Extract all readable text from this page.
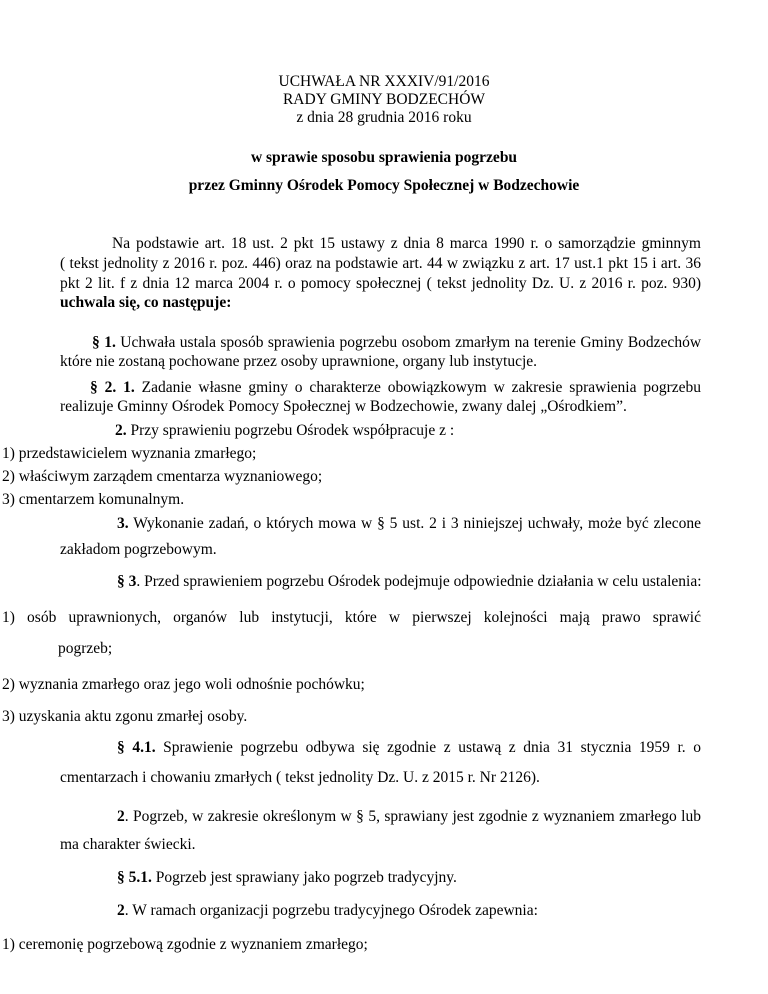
UCHWAŁA NR XXXIV/91/2016
RADY GMINY BODZECHÓW
z dnia 28 grudnia 2016 roku
w sprawie sposobu sprawienia pogrzebu
przez Gminny Ośrodek Pomocy Społecznej w Bodzechowie
Na podstawie art. 18 ust. 2 pkt 15 ustawy z dnia 8 marca 1990 r. o samorządzie gminnym
( tekst jednolity z 2016 r. poz. 446) oraz na podstawie art. 44 w związku z art. 17 ust.1 pkt 15 i art. 36
pkt 2 lit. f z dnia 12 marca 2004 r. o pomocy społecznej ( tekst jednolity Dz. U. z 2016 r. poz. 930)
uchwala się, co następuje:
§ 1. Uchwała ustala sposób sprawienia pogrzebu osobom zmarłym na terenie Gminy Bodzechów
które nie zostaną pochowane przez osoby uprawnione, organy lub instytucje.
§ 2. 1. Zadanie własne gminy o charakterze obowiązkowym w zakresie sprawienia pogrzebu
realizuje Gminny Ośrodek Pomocy Społecznej w Bodzechowie, zwany dalej „Ośrodkiem”.
2. Przy sprawieniu pogrzebu Ośrodek współpracuje z :
1) przedstawicielem wyznania zmarłego;
2) właściwym zarządem cmentarza wyznaniowego;
3) cmentarzem komunalnym.
3. Wykonanie zadań, o których mowa w § 5 ust. 2 i 3 niniejszej uchwały, może być zlecone
zakładom pogrzebowym.
§ 3. Przed sprawieniem pogrzebu Ośrodek podejmuje odpowiednie działania w celu ustalenia:
1) osób uprawnionych, organów lub instytucji, które w pierwszej kolejności mają prawo sprawić
pogrzeb;
2) wyznania zmarłego oraz jego woli odnośnie pochówku;
3) uzyskania aktu zgonu zmarłej osoby.
§ 4.1. Sprawienie pogrzebu odbywa się zgodnie z ustawą z dnia 31 stycznia 1959 r. o
cmentarzach i chowaniu zmarłych ( tekst jednolity Dz. U. z 2015 r. Nr 2126).
2. Pogrzeb, w zakresie określonym w § 5, sprawiany jest zgodnie z wyznaniem zmarłego lub
ma charakter świecki.
§ 5.1. Pogrzeb jest sprawiany jako pogrzeb tradycyjny.
2. W ramach organizacji pogrzebu tradycyjnego Ośrodek zapewnia:
1) ceremonię pogrzebową zgodnie z wyznaniem zmarłego;
